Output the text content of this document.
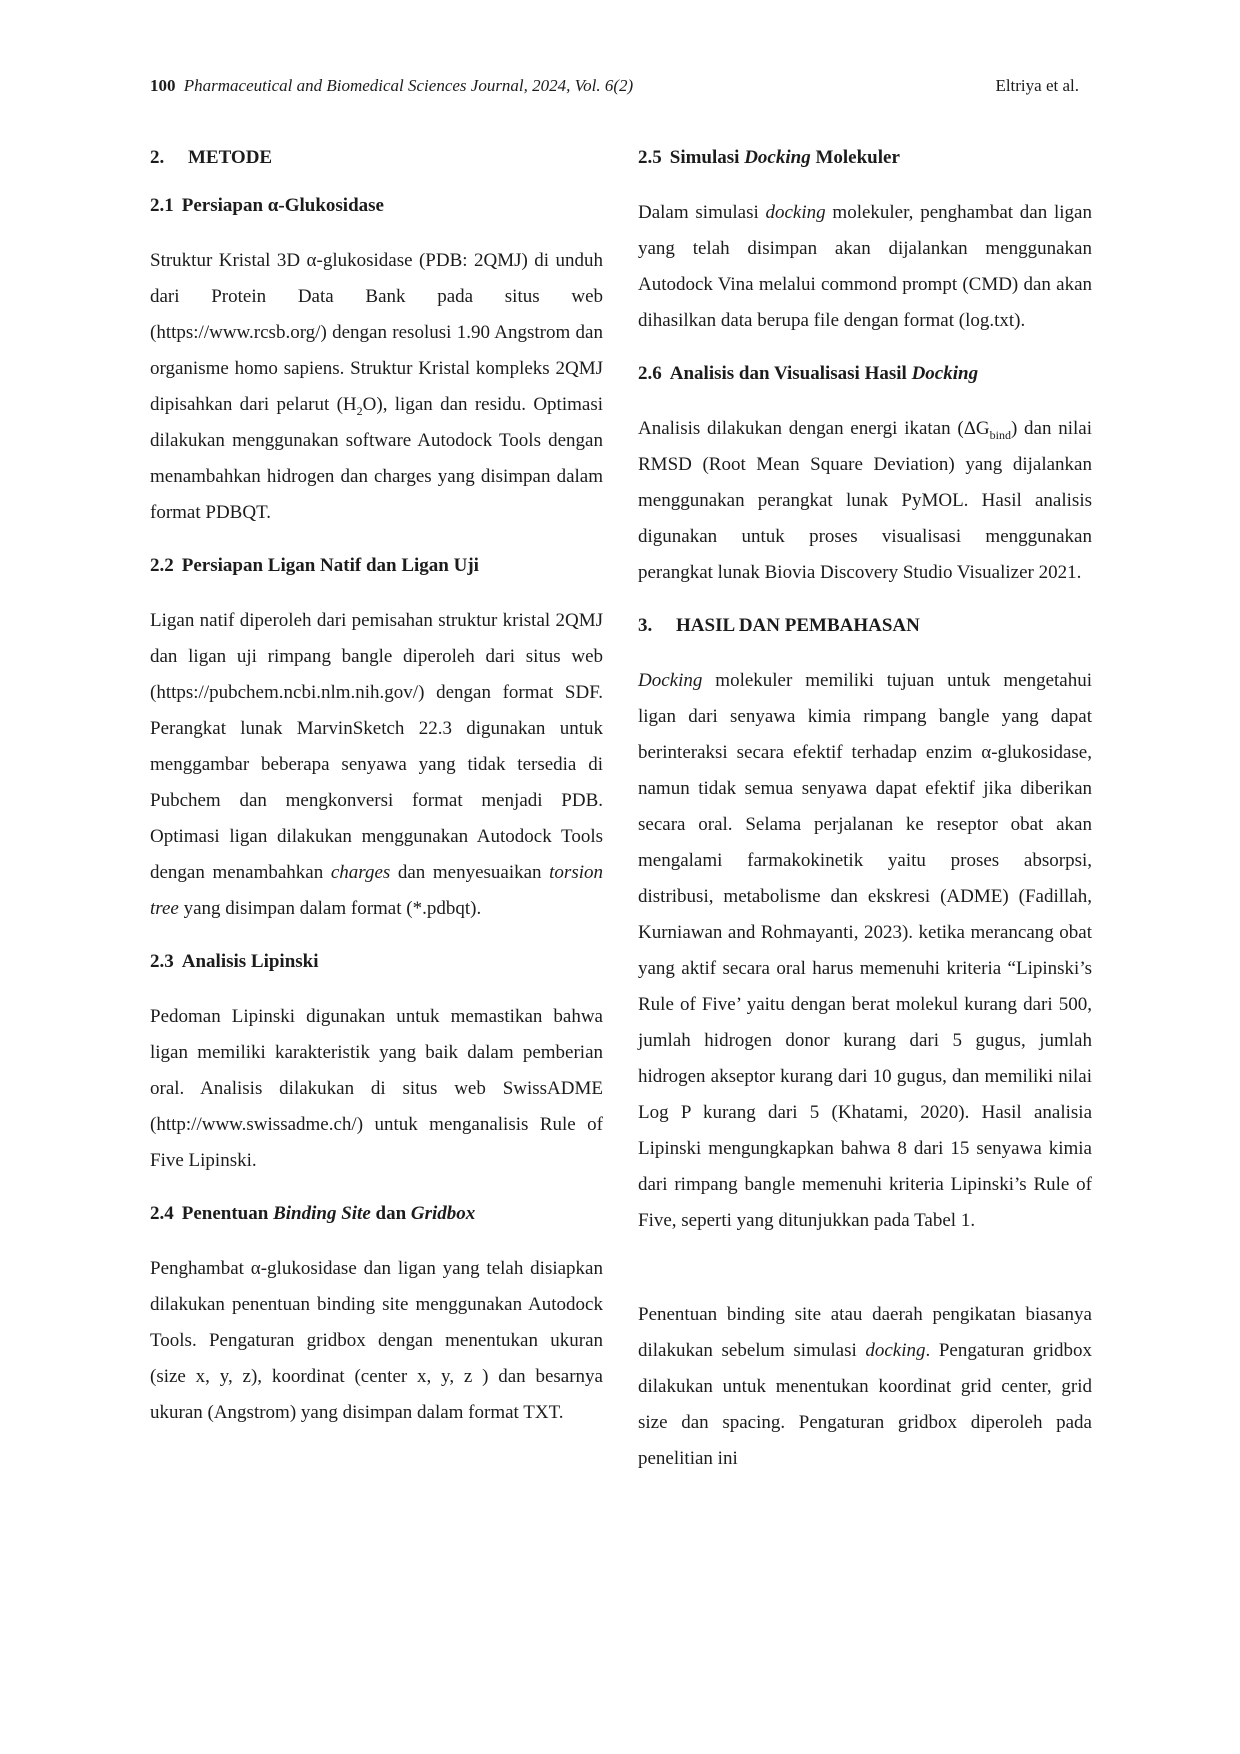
100 Pharmaceutical and Biomedical Sciences Journal, 2024, Vol. 6(2)	Eltriya et al.
2. METODE
2.1 Persiapan α-Glukosidase

Struktur Kristal 3D α-glukosidase (PDB: 2QMJ) di unduh dari Protein Data Bank pada situs web (https://www.rcsb.org/) dengan resolusi 1.90 Angstrom dan organisme homo sapiens. Struktur Kristal kompleks 2QMJ dipisahkan dari pelarut $(H_2O)$, ligan dan residu. Optimasi dilakukan menggunakan software Autodock Tools dengan menambahkan hidrogen dan charges yang disimpan dalam format PDBQT.

2.2 Persiapan Ligan Natif dan Ligan Uji

Ligan natif diperoleh dari pemisahan struktur kristal 2QMJ dan ligan uji rimpang bangle diperoleh dari situs web (https://pubchem.ncbi.nlm.nih.gov/) dengan format SDF. Perangkat lunak MarvinSketch 22.3 digunakan untuk menggambar beberapa senyawa yang tidak tersedia di Pubchem dan mengkonversi format menjadi PDB. Optimasi ligan dilakukan menggunakan Autodock Tools dengan menambahkan charges dan menyesuaikan torsion tree yang disimpan dalam format (*.pdbqt).

2.3 Analisis Lipinski

Pedoman Lipinski digunakan untuk memastikan bahwa ligan memiliki karakteristik yang baik dalam pemberian oral. Analisis dilakukan di situs web SwissADME (http://www.swissadme.ch/) untuk menganalisis Rule of Five Lipinski.

2.4 Penentuan Binding Site dan Gridbox

Penghambat α-glukosidase dan ligan yang telah disiapkan dilakukan penentuan binding site menggunakan Autodock Tools. Pengaturan gridbox dengan menentukan ukuran (size x, y, z), koordinat (center x, y, z ) dan besarnya ukuran (Angstrom) yang disimpan dalam format TXT.

2.5 Simulasi Docking Molekuler

Dalam simulasi docking molekuler, penghambat dan ligan yang telah disimpan akan dijalankan menggunakan Autodock Vina melalui commond prompt (CMD) dan akan dihasilkan data berupa file dengan format (log.txt).

2.6 Analisis dan Visualisasi Hasil Docking

Analisis dilakukan dengan energi ikatan $(\Delta G_{bind})$ dan nilai RMSD (Root Mean Square Deviation) yang dijalankan menggunakan perangkat lunak PyMOL. Hasil analisis digunakan untuk proses visualisasi menggunakan perangkat lunak Biovia Discovery Studio Visualizer 2021.

3. HASIL DAN PEMBAHASAN

Docking molekuler memiliki tujuan untuk mengetahui ligan dari senyawa kimia rimpang bangle yang dapat berinteraksi secara efektif terhadap enzim α-glukosidase, namun tidak semua senyawa dapat efektif jika diberikan secara oral. Selama perjalanan ke reseptor obat akan mengalami farmakokinetik yaitu proses absorpsi, distribusi, metabolisme dan ekskresi (ADME) (Fadillah, Kurniawan and Rohmayanti, 2023). ketika merancang obat yang aktif secara oral harus memenuhi kriteria “Lipinski’s Rule of Five’ yaitu dengan berat molekul kurang dari 500, jumlah hidrogen donor kurang dari 5 gugus, jumlah hidrogen akseptor kurang dari 10 gugus, dan memiliki nilai Log P kurang dari 5 (Khatami, 2020). Hasil analisia Lipinski mengungkapkan bahwa 8 dari 15 senyawa kimia dari rimpang bangle memenuhi kriteria Lipinski’s Rule of Five, seperti yang ditunjukkan pada Tabel 1.

Penentuan binding site atau daerah pengikatan biasanya dilakukan sebelum simulasi docking. Pengaturan gridbox dilakukan untuk menentukan koordinat grid center, grid size dan spacing. Pengaturan gridbox diperoleh pada penelitian ini
